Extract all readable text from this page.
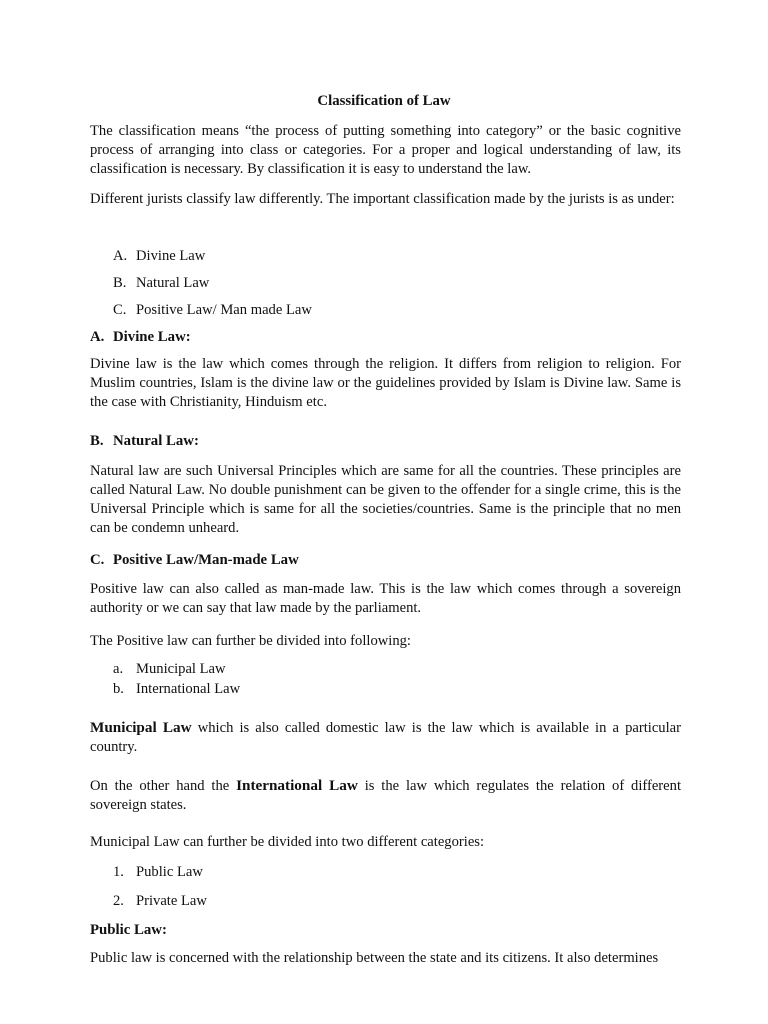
Classification of Law
The classification means “the process of putting something into category” or the basic cognitive process of arranging into class or categories. For a proper and logical understanding of law, its classification is necessary. By classification it is easy to understand the law.
Different jurists classify law differently. The important classification made by the jurists is as under:
A. Divine Law
B. Natural Law
C. Positive Law/ Man made Law
A. Divine Law:
Divine law is the law which comes through the religion. It differs from religion to religion. For Muslim countries, Islam is the divine law or the guidelines provided by Islam is Divine law. Same is the case with Christianity, Hinduism etc.
B. Natural Law:
Natural law are such Universal Principles which are same for all the countries. These principles are called Natural Law. No double punishment can be given to the offender for a single crime, this is the Universal Principle which is same for all the societies/countries. Same is the principle that no men can be condemn unheard.
C. Positive Law/Man-made Law
Positive law can also called as man-made law. This is the law which comes through a sovereign authority or we can say that law made by the parliament.
The Positive law can further be divided into following:
a. Municipal Law
b. International Law
Municipal Law which is also called domestic law is the law which is available in a particular country.
On the other hand the International Law is the law which regulates the relation of different sovereign states.
Municipal Law can further be divided into two different categories:
1. Public Law
2. Private Law
Public Law:
Public law is concerned with the relationship between the state and its citizens. It also determines
